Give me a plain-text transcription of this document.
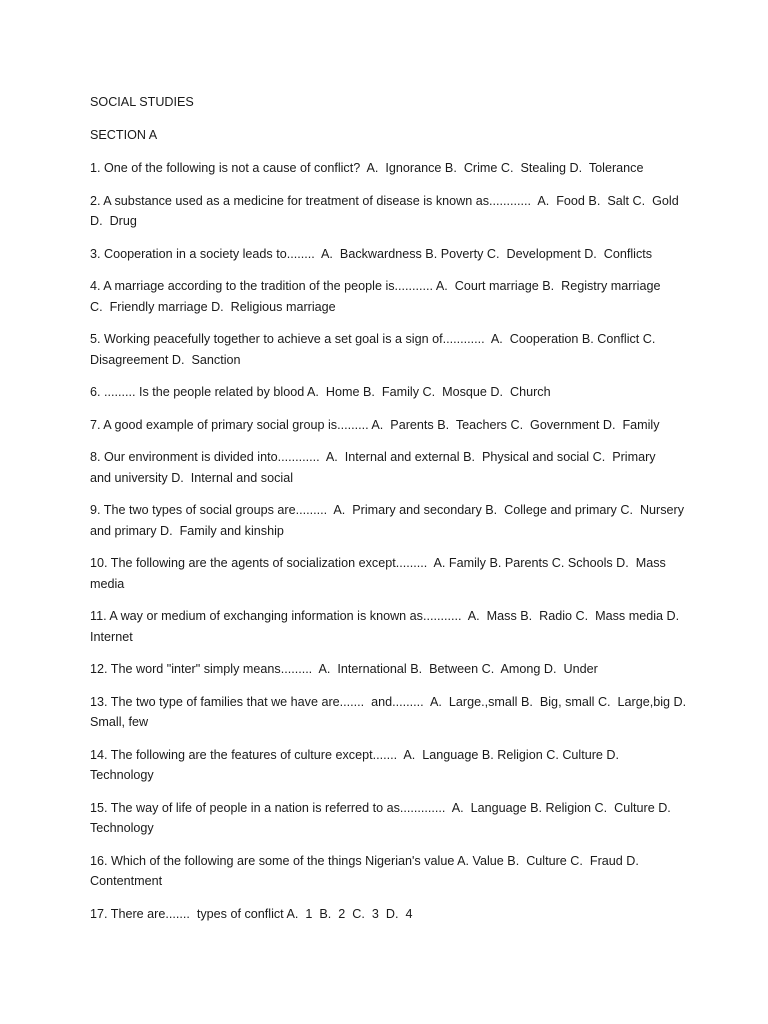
SOCIAL STUDIES

SECTION A

1. One of the following is not a cause of conflict?  A.  Ignorance B.  Crime C.  Stealing D.  Tolerance

2. A substance used as a medicine for treatment of disease is known as............  A.  Food B.  Salt C.  Gold
D.  Drug

3. Cooperation in a society leads to........  A.  Backwardness B. Poverty C.  Development D.  Conflicts

4. A marriage according to the tradition of the people is........... A.  Court marriage B.  Registry marriage
C.  Friendly marriage D.  Religious marriage

5. Working peacefully together to achieve a set goal is a sign of............  A.  Cooperation B. Conflict C.
Disagreement D.  Sanction

6. ......... Is the people related by blood A.  Home B.  Family C.  Mosque D.  Church

7. A good example of primary social group is......... A.  Parents B.  Teachers C.  Government D.  Family

8. Our environment is divided into............  A.  Internal and external B.  Physical and social C.  Primary
and university D.  Internal and social

9. The two types of social groups are.........  A.  Primary and secondary B.  College and primary C.  Nursery
and primary D.  Family and kinship

10. The following are the agents of socialization except.........  A. Family B. Parents C. Schools D.  Mass
media

11. A way or medium of exchanging information is known as...........  A.  Mass B.  Radio C.  Mass media D.
Internet

12. The word "inter" simply means.........  A.  International B.  Between C.  Among D.  Under

13. The two type of families that we have are.......  and.........  A.  Large.,small B.  Big, small C.  Large,big D.
Small, few

14. The following are the features of culture except.......  A.  Language B. Religion C. Culture D.
Technology

15. The way of life of people in a nation is referred to as.............  A.  Language B. Religion C.  Culture D.
Technology

16. Which of the following are some of the things Nigerian's value A. Value B.  Culture C.  Fraud D.
Contentment

17. There are.......  types of conflict A.  1  B.  2  C.  3  D.  4
